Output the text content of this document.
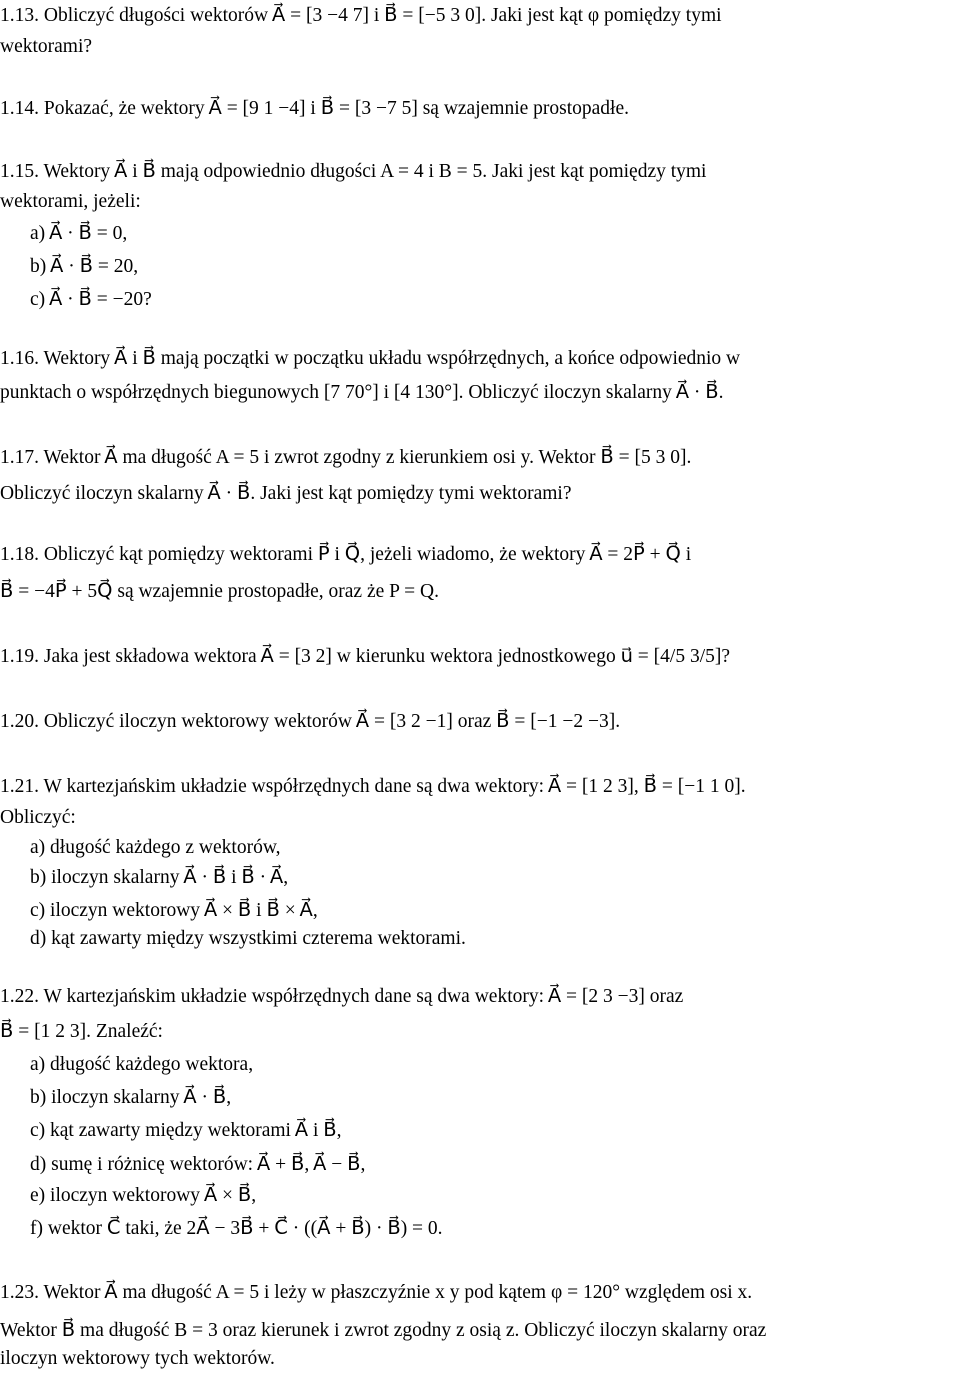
1.13. Obliczyć długości wektorów A⃗ = [3 −4 7] i B⃗ = [−5 3 0]. Jaki jest kąt φ pomiędzy tymi
wektorami?
1.14. Pokazać, że wektory A⃗ = [9 1 −4] i B⃗ = [3 −7 5] są wzajemnie prostopadłe.
1.15. Wektory A⃗ i B⃗ mają odpowiednio długości A = 4 i B = 5. Jaki jest kąt pomiędzy tymi
wektorami, jeżeli:
a) A⃗ · B⃗ = 0,
b) A⃗ · B⃗ = 20,
c) A⃗ · B⃗ = −20?
1.16. Wektory A⃗ i B⃗ mają początki w początku układu współrzędnych, a końce odpowiednio w
punktach o współrzędnych biegunowych [7 70°] i [4 130°]. Obliczyć iloczyn skalarny A⃗ · B⃗.
1.17. Wektor A⃗ ma długość A = 5 i zwrot zgodny z kierunkiem osi y. Wektor B⃗ = [5 3 0].
Obliczyć iloczyn skalarny A⃗ · B⃗. Jaki jest kąt pomiędzy tymi wektorami?
1.18. Obliczyć kąt pomiędzy wektorami P⃗ i Q⃗, jeżeli wiadomo, że wektory A⃗ = 2P⃗ + Q⃗ i
B⃗ = −4P⃗ + 5Q⃗ są wzajemnie prostopadłe, oraz że P = Q.
1.19. Jaka jest składowa wektora A⃗ = [3 2] w kierunku wektora jednostkowego u⃗ = [4/5 3/5]?
1.20. Obliczyć iloczyn wektorowy wektorów A⃗ = [3 2 −1] oraz B⃗ = [−1 −2 −3].
1.21. W kartezjańskim układzie współrzędnych dane są dwa wektory: A⃗ = [1 2 3], B⃗ = [−1 1 0].
Obliczyć:
a) długość każdego z wektorów,
b) iloczyn skalarny A⃗ · B⃗ i B⃗ · A⃗,
c) iloczyn wektorowy A⃗ × B⃗ i B⃗ × A⃗,
d) kąt zawarty między wszystkimi czterema wektorami.
1.22. W kartezjańskim układzie współrzędnych dane są dwa wektory: A⃗ = [2 3 −3] oraz
B⃗ = [1 2 3]. Znaleźć:
a) długość każdego wektora,
b) iloczyn skalarny A⃗ · B⃗,
c) kąt zawarty między wektorami A⃗ i B⃗,
d) sumę i różnicę wektorów: A⃗ + B⃗, A⃗ − B⃗,
e) iloczyn wektorowy A⃗ × B⃗,
f) wektor C⃗ taki, że 2A⃗ − 3B⃗ + C⃗ · ((A⃗ + B⃗) · B⃗) = 0.
1.23. Wektor A⃗ ma długość A = 5 i leży w płaszczyźnie x y pod kątem φ = 120° względem osi x.
Wektor B⃗ ma długość B = 3 oraz kierunek i zwrot zgodny z osią z. Obliczyć iloczyn skalarny oraz
iloczyn wektorowy tych wektorów.
